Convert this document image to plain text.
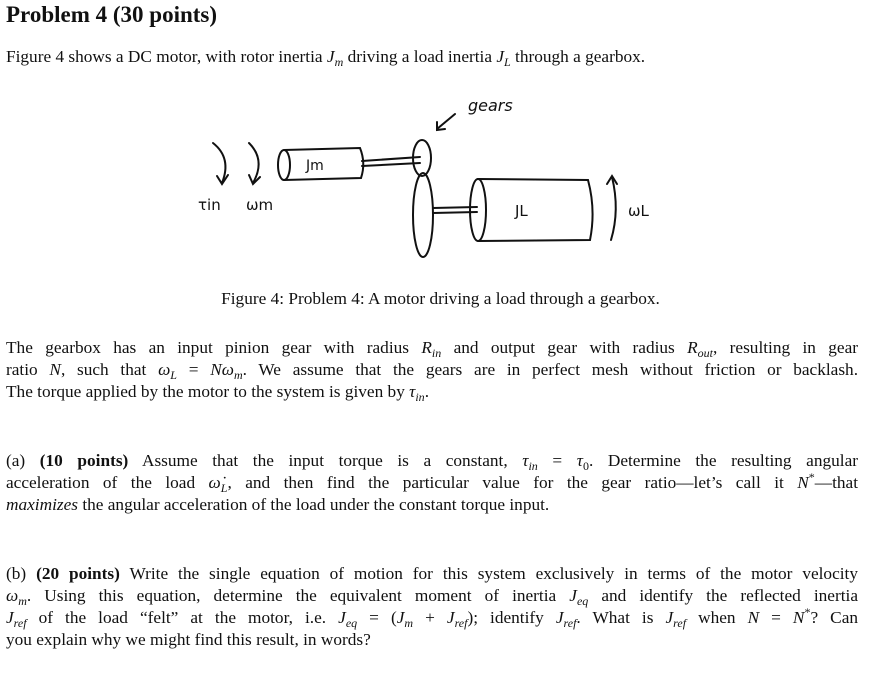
Problem 4 (30 points)
Figure 4 shows a DC motor, with rotor inertia $J_m$ driving a load inertia $J_L$ through a gearbox.
τin ωm
Jm
JL	ωL
gears
Figure 4: Problem 4: A motor driving a load through a gearbox.
The gearbox has an input pinion gear with radius $R_{in}$ and output gear with radius $R_{out}$, resulting in gear
ratio N, such that $\omega_L = N\omega_m$. We assume that the gears are in perfect mesh without friction or backlash.
The torque applied by the motor to the system is given by $\tau_{in}$.
(a) (10 points) Assume that the input torque is a constant, $\tau_{in} = \tau_0$. Determine the resulting angular
acceleration of the load $\omegȧ_L$, and then find the particular value for the gear ratio—let’s call it N*—that
maximizes the angular acceleration of the load under the constant torque input.
(b) (20 points) Write the single equation of motion for this system exclusively in terms of the motor velocity
$\omega_m$. Using this equation, determine the equivalent moment of inertia $J_{eq}$ and identify the reflected inertia
$J_{ref}$ of the load “felt” at the motor, i.e. $J_{eq} = (J_m + J_{ref})$; identify $J_{ref}$. What is $J_{ref}$ when N = N*? Can
you explain why we might find this result, in words?
